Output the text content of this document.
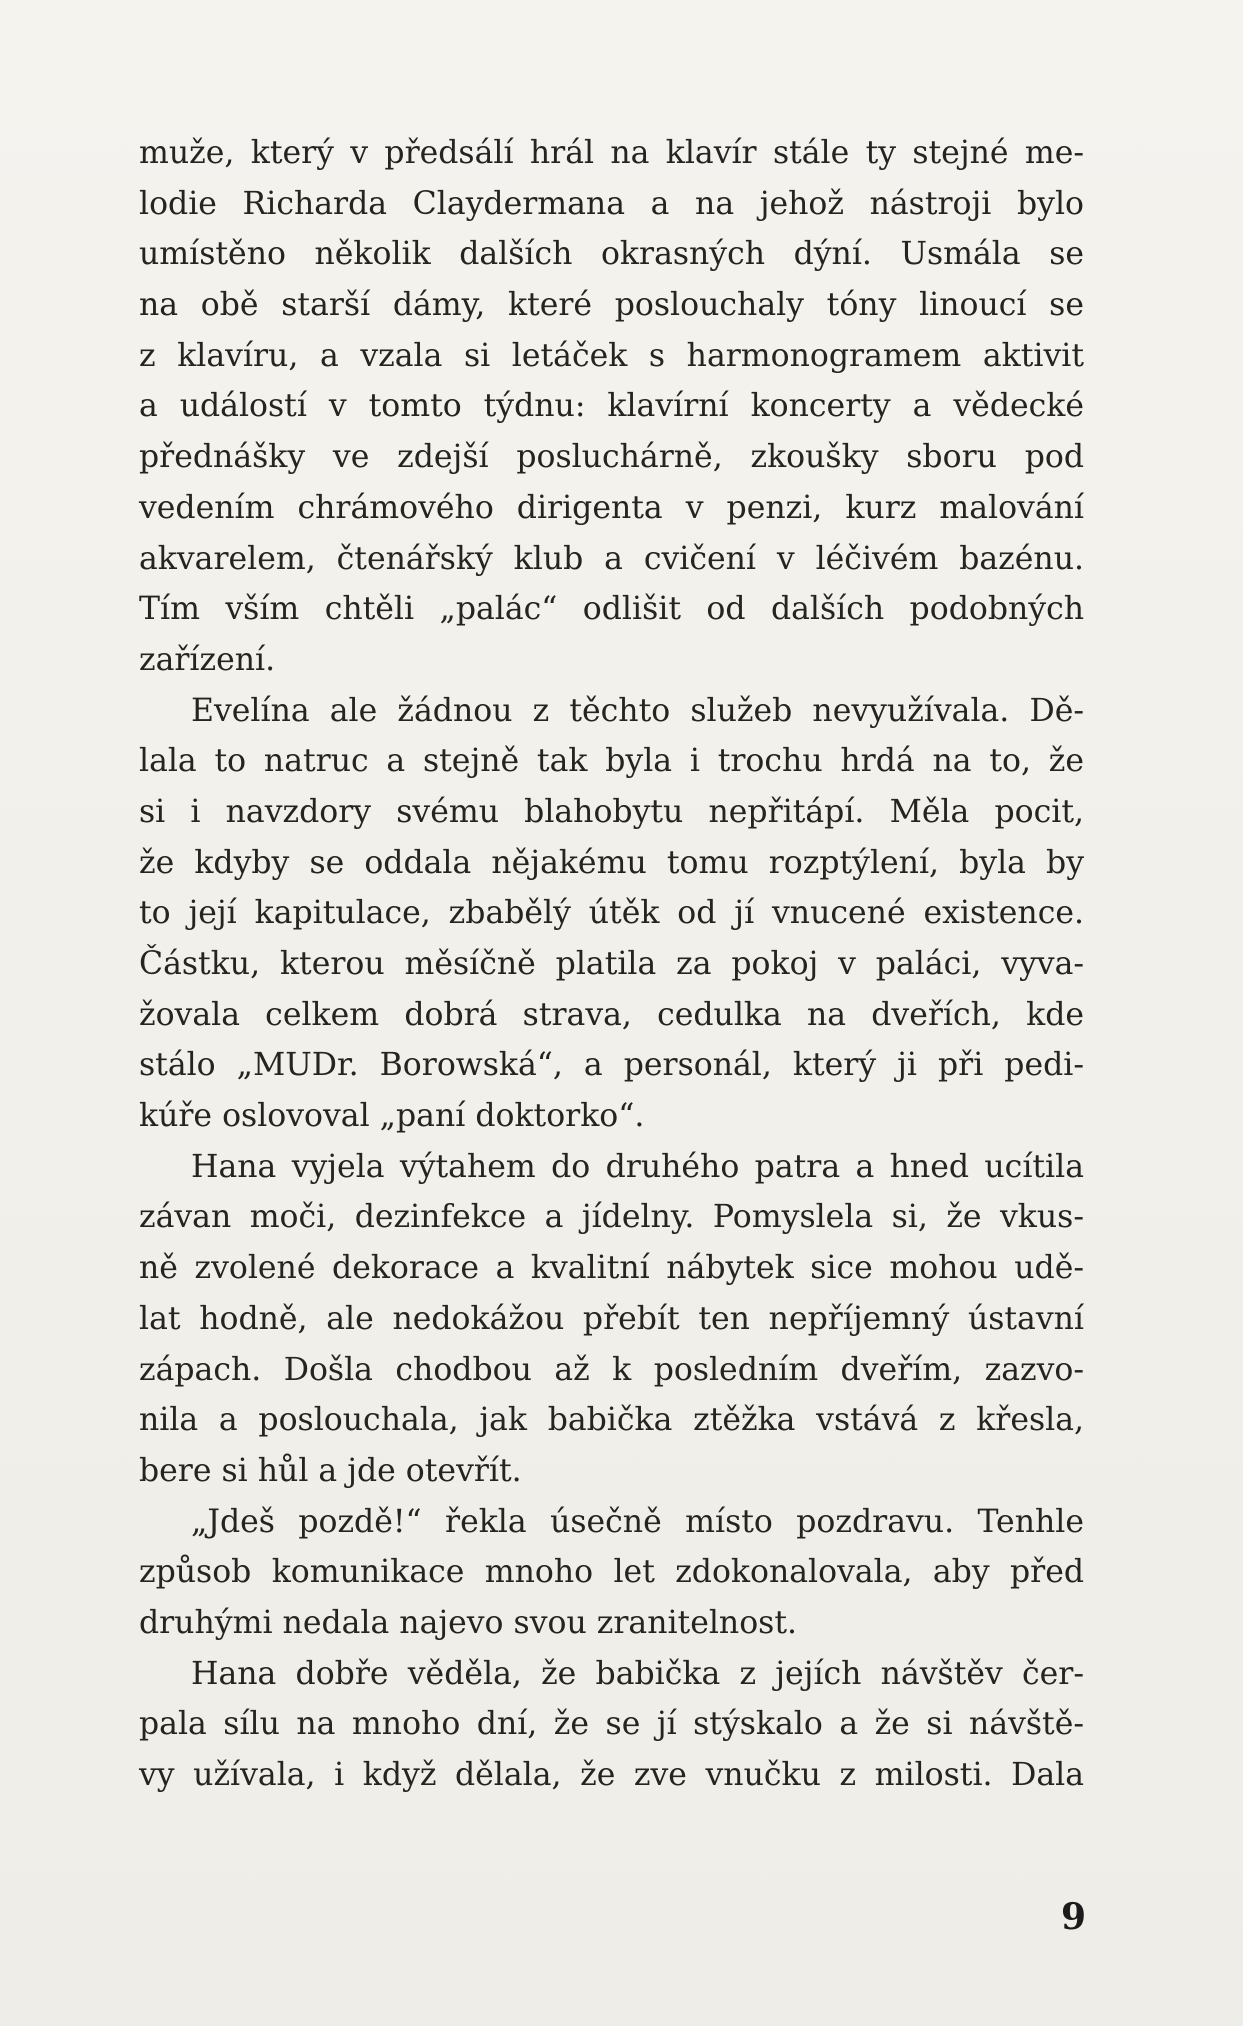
muže, který v předsálí hrál na klavír stále ty stejné me-
lodie Richarda Claydermana a na jehož nástroji bylo
umístěno několik dalších okrasných dýní. Usmála se
na obě starší dámy, které poslouchaly tóny linoucí se
z klavíru, a vzala si letáček s harmonogramem aktivit
a událostí v tomto týdnu: klavírní koncerty a vědecké
přednášky ve zdejší posluchárně, zkoušky sboru pod
vedením chrámového dirigenta v penzi, kurz malování
akvarelem, čtenářský klub a cvičení v léčivém bazénu.
Tím vším chtěli „palác“ odlišit od dalších podobných
zařízení.
Evelína ale žádnou z těchto služeb nevyužívala. Dě-
lala to natruc a stejně tak byla i trochu hrdá na to, že
si i navzdory svému blahobytu nepřitápí. Měla pocit,
že kdyby se oddala nějakému tomu rozptýlení, byla by
to její kapitulace, zbabělý útěk od jí vnucené existence.
Částku, kterou měsíčně platila za pokoj v paláci, vyva-
žovala celkem dobrá strava, cedulka na dveřích, kde
stálo „MUDr. Borowská“, a personál, který ji při pedi-
kúře oslovoval „paní doktorko“.
Hana vyjela výtahem do druhého patra a hned ucítila
závan moči, dezinfekce a jídelny. Pomyslela si, že vkus-
ně zvolené dekorace a kvalitní nábytek sice mohou udě-
lat hodně, ale nedokážou přebít ten nepříjemný ústavní
zápach. Došla chodbou až k posledním dveřím, zazvo-
nila a poslouchala, jak babička ztěžka vstává z křesla,
bere si hůl a jde otevřít.
„Jdeš pozdě!“ řekla úsečně místo pozdravu. Tenhle
způsob komunikace mnoho let zdokonalovala, aby před
druhými nedala najevo svou zranitelnost.
Hana dobře věděla, že babička z jejích návštěv čer-
pala sílu na mnoho dní, že se jí stýskalo a že si návště-
vy užívala, i když dělala, že zve vnučku z milosti. Dala
9
